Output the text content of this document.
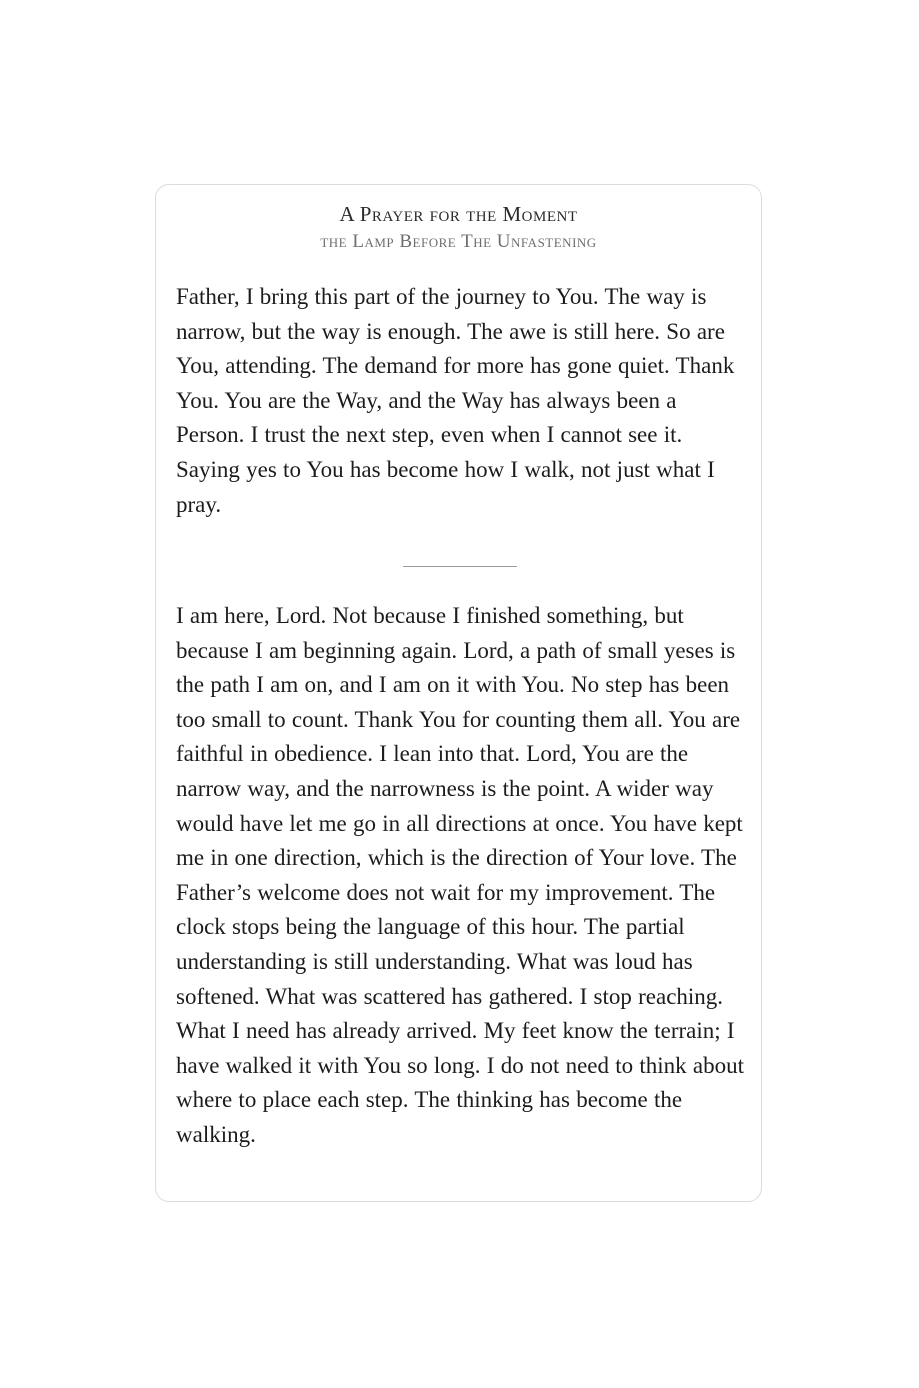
A Prayer for the Moment
the Lamp Before The Unfastening

Father, I bring this part of the journey to You. The way is narrow, but the way is enough. The awe is still here. So are You, attending. The demand for more has gone quiet. Thank You. You are the Way, and the Way has always been a Person. I trust the next step, even when I cannot see it. Saying yes to You has become how I walk, not just what I pray.

I am here, Lord. Not because I finished something, but because I am beginning again. Lord, a path of small yeses is the path I am on, and I am on it with You. No step has been too small to count. Thank You for counting them all. You are faithful in obedience. I lean into that. Lord, You are the narrow way, and the narrowness is the point. A wider way would have let me go in all directions at once. You have kept me in one direction, which is the direction of Your love. The Father’s welcome does not wait for my improvement. The clock stops being the language of this hour. The partial understanding is still understanding. What was loud has softened. What was scattered has gathered. I stop reaching. What I need has already arrived. My feet know the terrain; I have walked it with You so long. I do not need to think about where to place each step. The thinking has become the walking.
